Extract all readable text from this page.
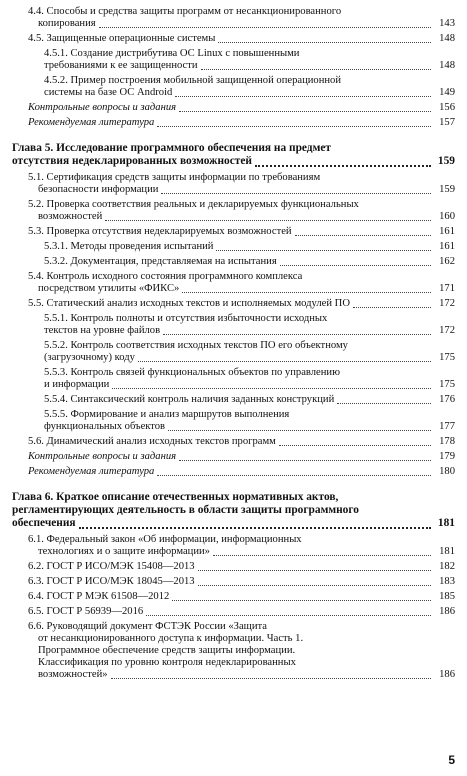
4.4. Способы и средства защиты программ от несанкционированного
копирования	143
4.5. Защищенные операционные системы	148
4.5.1. Создание дистрибутива ОС Linux с повышенными
требованиями к ее защищенности	148
4.5.2. Пример построения мобильной защищенной операционной
системы на базе ОС Android	149
Контрольные вопросы и задания	156
Рекомендуемая литература	157
Глава 5. Исследование программного обеспечения на предмет
отсутствия недекларированных возможностей	159
5.1. Сертификация средств защиты информации по требованиям
безопасности информации	159
5.2. Проверка соответствия реальных и декларируемых функциональных
возможностей	160
5.3. Проверка отсутствия недекларируемых возможностей	161
5.3.1. Методы проведения испытаний	161
5.3.2. Документация, представляемая на испытания	162
5.4. Контроль исходного состояния программного комплекса
посредством утилиты «ФИКС»	171
5.5. Статический анализ исходных текстов и исполняемых модулей ПО	172
5.5.1. Контроль полноты и отсутствия избыточности исходных
текстов на уровне файлов	172
5.5.2. Контроль соответствия исходных текстов ПО его объектному
(загрузочному) коду	175
5.5.3. Контроль связей функциональных объектов по управлению
и информации	175
5.5.4. Синтаксический контроль наличия заданных конструкций	176
5.5.5. Формирование и анализ маршрутов выполнения
функциональных объектов	177
5.6. Динамический анализ исходных текстов программ	178
Контрольные вопросы и задания	179
Рекомендуемая литература	180
Глава 6. Краткое описание отечественных нормативных актов,
регламентирующих деятельность в области защиты программного
обеспечения	181
6.1. Федеральный закон «Об информации, информационных
технологиях и о защите информации»	181
6.2. ГОСТ Р ИСО/МЭК 15408—2013	182
6.3. ГОСТ Р ИСО/МЭК 18045—2013	183
6.4. ГОСТ Р МЭК 61508—2012	185
6.5. ГОСТ Р 56939—2016	186
6.6. Руководящий документ ФСТЭК России «Защита
от несанкционированного доступа к информации. Часть 1.
Программное обеспечение средств защиты информации.
Классификация по уровню контроля недекларированных
возможностей»	186
5
